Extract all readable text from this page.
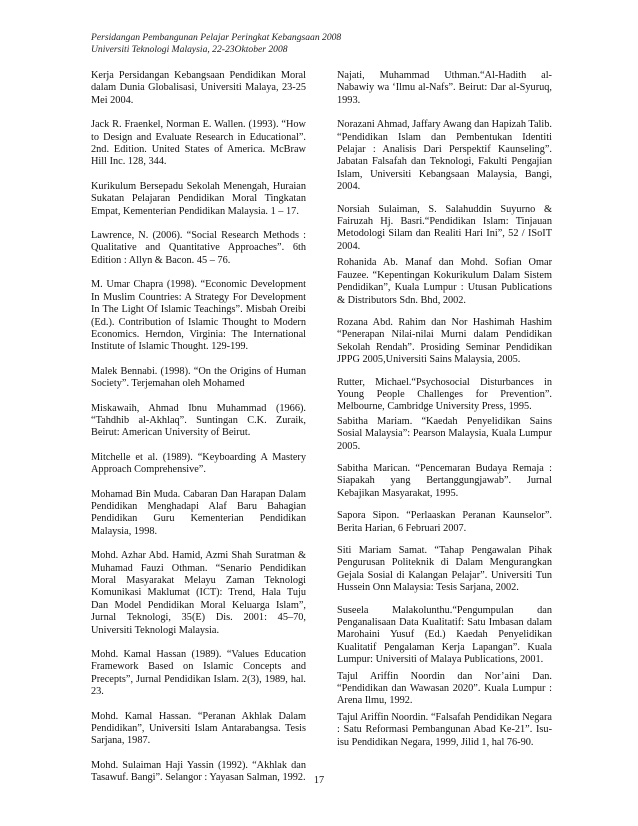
Persidangan Pembangunan Pelajar Peringkat Kebangsaan 2008
Universiti Teknologi Malaysia, 22-23Oktober 2008

Kerja Persidangan Kebangsaan Pendidikan Moral dalam Dunia Globalisasi, Universiti Malaya, 23-25 Mei 2004.

Jack R. Fraenkel, Norman E. Wallen. (1993). “How to Design and Evaluate Research in Educational”. 2nd. Edition. United States of America. McBraw Hill Inc. 128, 344.

Kurikulum Bersepadu Sekolah Menengah, Huraian Sukatan Pelajaran Pendidikan Moral Tingkatan Empat, Kementerian Pendidikan Malaysia. 1 – 17.

Lawrence, N. (2006). “Social Research Methods : Qualitative and Quantitative Approaches”. 6th Edition : Allyn & Bacon. 45 – 76.

M. Umar Chapra (1998). “Economic Development In Muslim Countries: A Strategy For Development In The Light Of Islamic Teachings”. Misbah Oreibi (Ed.). Contribution of Islamic Thought to Modern Economics. Herndon, Virginia: The International Institute of Islamic Thought. 129-199.

Malek Bennabi. (1998). “On the Origins of Human Society”. Terjemahan oleh Mohamed

Miskawaih, Ahmad Ibnu Muhammad (1966). “Tahdhib al-Akhlaq”. Suntingan C.K. Zuraik, Beirut: American University of Beirut.

Mitchelle et al. (1989). “Keyboarding A Mastery Approach Comprehensive”.

Mohamad Bin Muda. Cabaran Dan Harapan Dalam Pendidikan Menghadapi Alaf Baru Bahagian Pendidikan Guru Kementerian Pendidikan Malaysia, 1998.

Mohd. Azhar Abd. Hamid, Azmi Shah Suratman & Muhamad Fauzi Othman. “Senario Pendidikan Moral Masyarakat Melayu Zaman Teknologi Komunikasi Maklumat (ICT): Trend, Hala Tuju Dan Model Pendidikan Moral Keluarga Islam”, Jurnal Teknologi, 35(E) Dis. 2001: 45–70, Universiti Teknologi Malaysia.

Mohd. Kamal Hassan (1989). “Values Education Framework Based on Islamic Concepts and Precepts”, Jurnal Pendidikan Islam. 2(3), 1989, hal. 23.

Mohd. Kamal Hassan. “Peranan Akhlak Dalam Pendidikan”, Universiti Islam Antarabangsa. Tesis Sarjana, 1987.

Mohd. Sulaiman Haji Yassin (1992). “Akhlak dan Tasawuf. Bangi”. Selangor : Yayasan Salman, 1992.

Najati, Muhammad Uthman.“Al-Hadith al-Nabawiy wa ‘Ilmu al-Nafs”. Beirut: Dar al-Syuruq, 1993.

Norazani Ahmad, Jaffary Awang dan Hapizah Talib. “Pendidikan Islam dan Pembentukan Identiti Pelajar : Analisis Dari Perspektif Kaunseling”. Jabatan Falsafah dan Teknologi, Fakulti Pengajian Islam, Universiti Kebangsaan Malaysia, Bangi, 2004.

Norsiah Sulaiman, S. Salahuddin Suyurno & Fairuzah Hj. Basri.“Pendidikan Islam: Tinjauan Metodologi Silam dan Realiti Hari Ini”, 52 / ISoIT 2004.

Rohanida Ab. Manaf dan Mohd. Sofian Omar Fauzee. “Kepentingan Kokurikulum Dalam Sistem Pendidikan”, Kuala Lumpur : Utusan Publications & Distributors Sdn. Bhd, 2002.

Rozana Abd. Rahim dan Nor Hashimah Hashim “Penerapan Nilai-nilai Murni dalam Pendidikan Sekolah Rendah”. Prosiding Seminar Pendidikan JPPG 2005,Universiti Sains Malaysia, 2005.

Rutter, Michael.“Psychosocial Disturbances in Young People Challenges for Prevention”. Melbourne, Cambridge University Press, 1995.

Sabitha Mariam. “Kaedah Penyelidikan Sains Sosial Malaysia”: Pearson Malaysia, Kuala Lumpur 2005.

Sabitha Marican. “Pencemaran Budaya Remaja : Siapakah yang Bertanggungjawab”. Jurnal Kebajikan Masyarakat, 1995.

Sapora Sipon. “Perlaaskan Peranan Kaunselor”. Berita Harian, 6 Februari 2007.

Siti Mariam Samat. “Tahap Pengawalan Pihak Pengurusan Politeknik di Dalam Mengurangkan Gejala Sosial di Kalangan Pelajar”. Universiti Tun Hussein Onn Malaysia: Tesis Sarjana, 2002.

Suseela Malakolunthu.“Pengumpulan dan Penganalisaan Data Kualitatif: Satu Imbasan dalam Marohaini Yusuf (Ed.) Kaedah Penyelidikan Kualitatif Pengalaman Kerja Lapangan”. Kuala Lumpur: Universiti of Malaya Publications, 2001.

Tajul Ariffin Noordin dan Nor’aini Dan. “Pendidikan dan Wawasan 2020”. Kuala Lumpur : Arena Ilmu, 1992.

Tajul Ariffin Noordin. “Falsafah Pendidikan Negara : Satu Reformasi Pembangunan Abad Ke-21”. Isu-isu Pendidikan Negara, 1999, Jilid 1, hal 76-90.

17
